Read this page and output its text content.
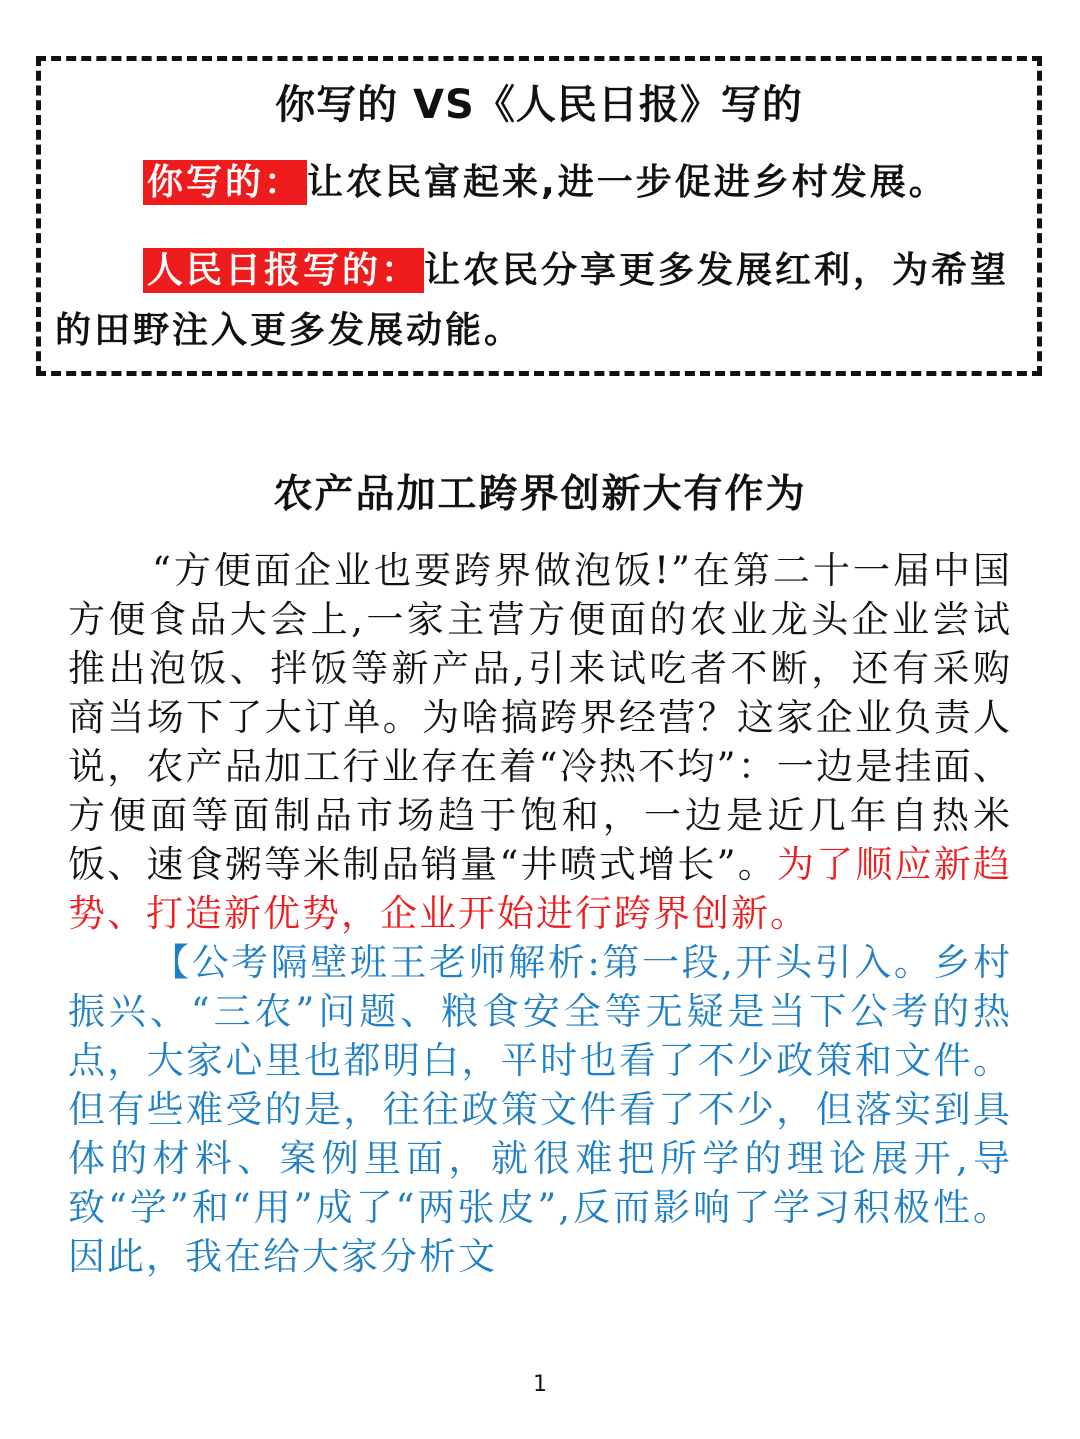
你写的 VS《人民日报》写的
你写的： 让农民富起来,进一步促进乡村发展。
人民日报写的： 让农民分享更多发展红利，为希望的田野注入更多发展动能。
农产品加工跨界创新大有作为

“方便面企业也要跨界做泡饭!”在第二十一届中国方便食品大会上,一家主营方便面的农业龙头企业尝试推出泡饭、拌饭等新产品,引来试吃者不断，还有采购商当场下了大订单。为啥搞跨界经营？这家企业负责人说，农产品加工行业存在着“冷热不均”：一边是挂面、方便面等面制品市场趋于饱和，一边是近几年自热米饭、速食粥等米制品销量“井喷式增长”。为了顺应新趋势、打造新优势，企业开始进行跨界创新。

【公考隔壁班王老师解析:第一段,开头引入。乡村振兴、“三农”问题、粮食安全等无疑是当下公考的热点，大家心里也都明白，平时也看了不少政策和文件。但有些难受的是，往往政策文件看了不少，但落实到具体的材料、案例里面，就很难把所学的理论展开,导致“学”和“用”成了“两张皮”,反而影响了学习积极性。因此，我在给大家分析文

1
